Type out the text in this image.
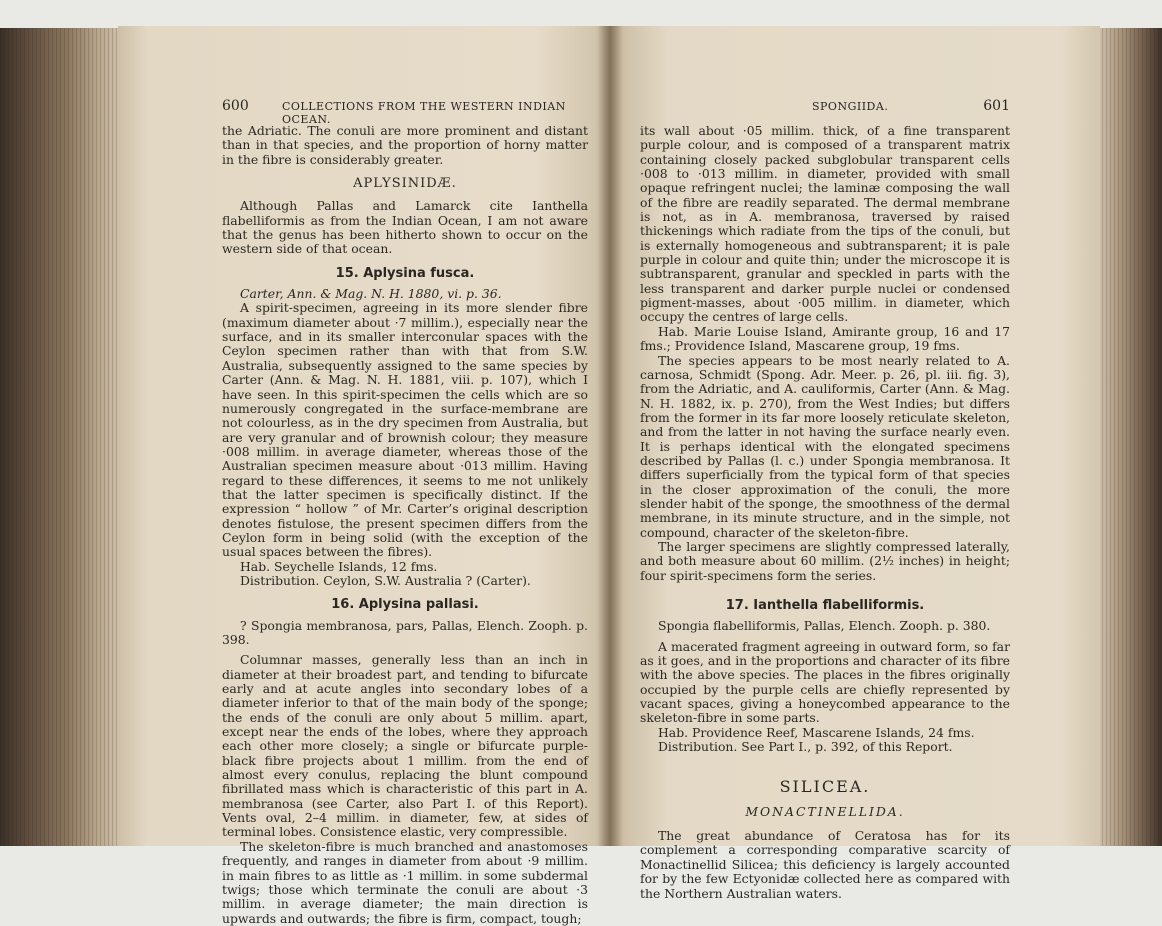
600	COLLECTIONS FROM THE WESTERN INDIAN OCEAN.
SPONGIIDA.	601

the Adriatic. The conuli are more prominent and distant than in that species, and the proportion of horny matter in the fibre is considerably greater.

APLYSINIDÆ.

Although Pallas and Lamarck cite Ianthella flabelliformis as from the Indian Ocean, I am not aware that the genus has been hitherto shown to occur on the western side of that ocean.

15. Aplysina fusca.

Carter, Ann. & Mag. N. H. 1880, vi. p. 36.

A spirit-specimen, agreeing in its more slender fibre (maximum diameter about ·7 millim.), especially near the surface, and in its smaller interconular spaces with the Ceylon specimen rather than with that from S.W. Australia, subsequently assigned to the same species by Carter (Ann. & Mag. N. H. 1881, viii. p. 107), which I have seen. In this spirit-specimen the cells which are so numerously congregated in the surface-membrane are not colourless, as in the dry specimen from Australia, but are very granular and of brownish colour; they measure ·008 millim. in average diameter, whereas those of the Australian specimen measure about ·013 millim. Having regard to these differences, it seems to me not unlikely that the latter specimen is specifically distinct. If the expression “ hollow ” of Mr. Carter’s original description denotes fistulose, the present specimen differs from the Ceylon form in being solid (with the exception of the usual spaces between the fibres).

Hab. Seychelle Islands, 12 fms.

Distribution. Ceylon, S.W. Australia ? (Carter).

16. Aplysina pallasi.

? Spongia membranosa, pars, Pallas, Elench. Zooph. p. 398.

Columnar masses, generally less than an inch in diameter at their broadest part, and tending to bifurcate early and at acute angles into secondary lobes of a diameter inferior to that of the main body of the sponge; the ends of the conuli are only about 5 millim. apart, except near the ends of the lobes, where they approach each other more closely; a single or bifurcate purple-black fibre projects about 1 millim. from the end of almost every conulus, replacing the blunt compound fibrillated mass which is characteristic of this part in A. membranosa (see Carter, also Part I. of this Report). Vents oval, 2–4 millim. in diameter, few, at sides of terminal lobes. Consistence elastic, very compressible.

The skeleton-fibre is much branched and anastomoses frequently, and ranges in diameter from about ·9 millim. in main fibres to as little as ·1 millim. in some subdermal twigs; those which terminate the conuli are about ·3 millim. in average diameter; the main direction is upwards and outwards; the fibre is firm, compact, tough;

its wall about ·05 millim. thick, of a fine transparent purple colour, and is composed of a transparent matrix containing closely packed subglobular transparent cells ·008 to ·013 millim. in diameter, provided with small opaque refringent nuclei; the laminæ composing the wall of the fibre are readily separated. The dermal membrane is not, as in A. membranosa, traversed by raised thickenings which radiate from the tips of the conuli, but is externally homogeneous and subtransparent; it is pale purple in colour and quite thin; under the microscope it is subtransparent, granular and speckled in parts with the less transparent and darker purple nuclei or condensed pigment-masses, about ·005 millim. in diameter, which occupy the centres of large cells.

Hab. Marie Louise Island, Amirante group, 16 and 17 fms.; Providence Island, Mascarene group, 19 fms.

The species appears to be most nearly related to A. carnosa, Schmidt (Spong. Adr. Meer. p. 26, pl. iii. fig. 3), from the Adriatic, and A. cauliformis, Carter (Ann. & Mag. N. H. 1882, ix. p. 270), from the West Indies; but differs from the former in its far more loosely reticulate skeleton, and from the latter in not having the surface nearly even. It is perhaps identical with the elongated specimens described by Pallas (l. c.) under Spongia membranosa. It differs superficially from the typical form of that species in the closer approximation of the conuli, the more slender habit of the sponge, the smoothness of the dermal membrane, in its minute structure, and in the simple, not compound, character of the skeleton-fibre.

The larger specimens are slightly compressed laterally, and both measure about 60 millim. (2½ inches) in height; four spirit-specimens form the series.

17. Ianthella flabelliformis.

Spongia flabelliformis, Pallas, Elench. Zooph. p. 380.

A macerated fragment agreeing in outward form, so far as it goes, and in the proportions and character of its fibre with the above species. The places in the fibres originally occupied by the purple cells are chiefly represented by vacant spaces, giving a honeycombed appearance to the skeleton-fibre in some parts.

Hab. Providence Reef, Mascarene Islands, 24 fms.

Distribution. See Part I., p. 392, of this Report.

SILICEA.
MONACTINELLIDA.

The great abundance of Ceratosa has for its complement a corresponding comparative scarcity of Monactinellid Silicea; this deficiency is largely accounted for by the few Ectyonidæ collected here as compared with the Northern Australian waters.
